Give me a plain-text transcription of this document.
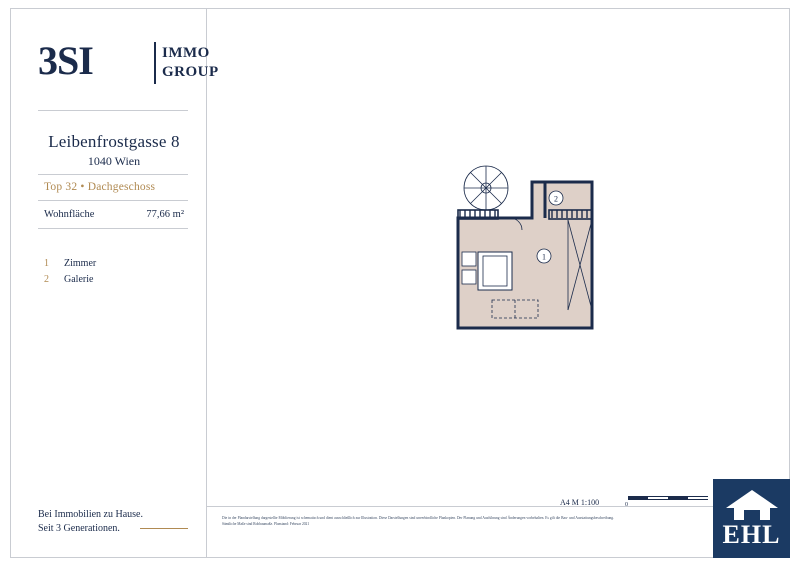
3SI	IMMO
GROUP
Leibenfrostgasse 8
1040 Wien
Top 32 • Dachgeschoss
Wohnfläche	77,66 m²
1	Zimmer
2	Galerie
Bei Immobilien zu Hause.
Seit 3 Generationen.
Die in der Plandarstellung dargestellte Möblierung ist schematisch und dient ausschließlich zur Illustration. Diese Darstellungen sind unverbindliche Plankopien. Der Planung und Ausführung sind Änderungen vorbehalten. Es gilt die Bau- und Ausstattungsbeschreibung. Sämtliche Maße sind Rohbaumaße. Planstand: Februar 2021
A4 M 1:100	0
EHL
1
2
